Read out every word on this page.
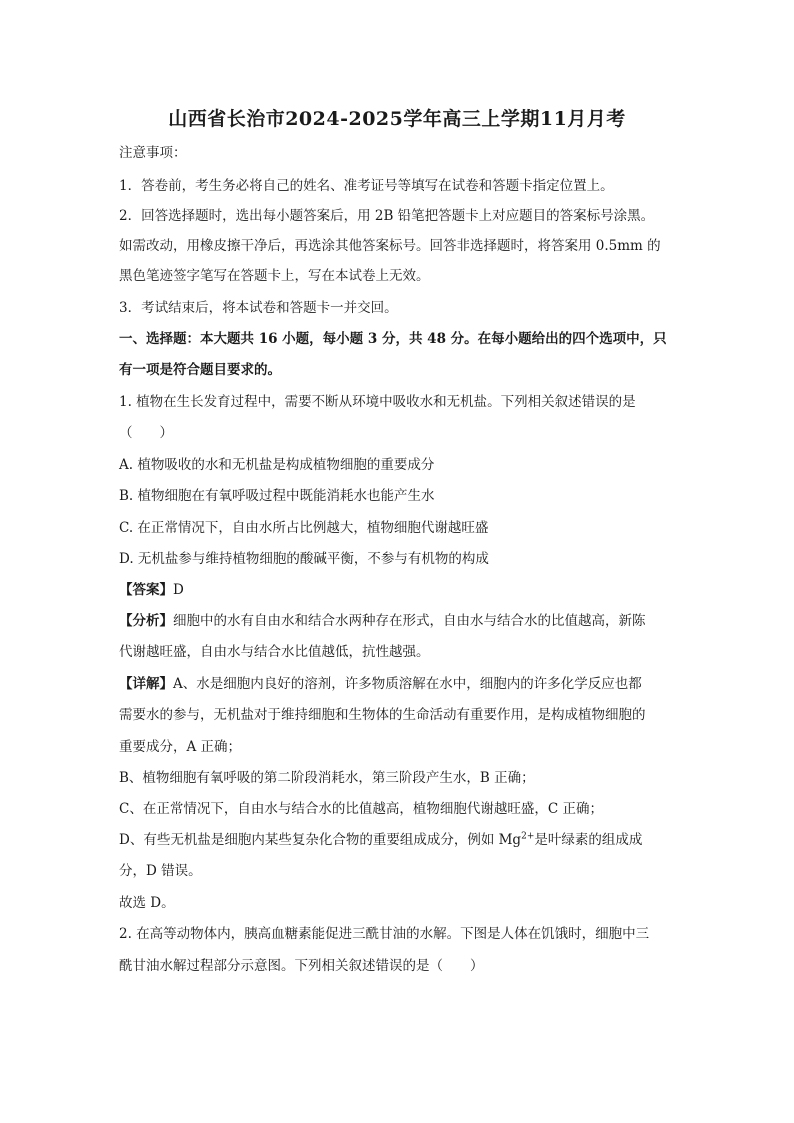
山西省长治市2024-2025学年高三上学期11月月考
注意事项：
1．答卷前，考生务必将自己的姓名、准考证号等填写在试卷和答题卡指定位置上。
2．回答选择题时，选出每小题答案后，用 2B 铅笔把答题卡上对应题目的答案标号涂黑。
如需改动，用橡皮擦干净后，再选涂其他答案标号。回答非选择题时，将答案用 0.5mm 的
黑色笔迹签字笔写在答题卡上，写在本试卷上无效。
3．考试结束后，将本试卷和答题卡一并交回。
一、选择题：本大题共 16 小题，每小题 3 分，共 48 分。在每小题给出的四个选项中，只
有一项是符合题目要求的。
1. 植物在生长发育过程中，需要不断从环境中吸收水和无机盐。下列相关叙述错误的是
（　　）
A. 植物吸收的水和无机盐是构成植物细胞的重要成分
B. 植物细胞在有氧呼吸过程中既能消耗水也能产生水
C. 在正常情况下，自由水所占比例越大，植物细胞代谢越旺盛
D. 无机盐参与维持植物细胞的酸碱平衡，不参与有机物的构成
【答案】D
【分析】细胞中的水有自由水和结合水两种存在形式，自由水与结合水的比值越高，新陈
代谢越旺盛，自由水与结合水比值越低，抗性越强。
【详解】A、水是细胞内良好的溶剂，许多物质溶解在水中，细胞内的许多化学反应也都
需要水的参与，无机盐对于维持细胞和生物体的生命活动有重要作用，是构成植物细胞的
重要成分，A 正确；
B、植物细胞有氧呼吸的第二阶段消耗水，第三阶段产生水，B 正确；
C、在正常情况下，自由水与结合水的比值越高，植物细胞代谢越旺盛，C 正确；
D、有些无机盐是细胞内某些复杂化合物的重要组成成分，例如 $Mg^{2+}$是叶绿素的组成成
分，D 错误。
故选 D。
2. 在高等动物体内，胰高血糖素能促进三酰甘油的水解。下图是人体在饥饿时，细胞中三
酰甘油水解过程部分示意图。下列相关叙述错误的是（　　）
